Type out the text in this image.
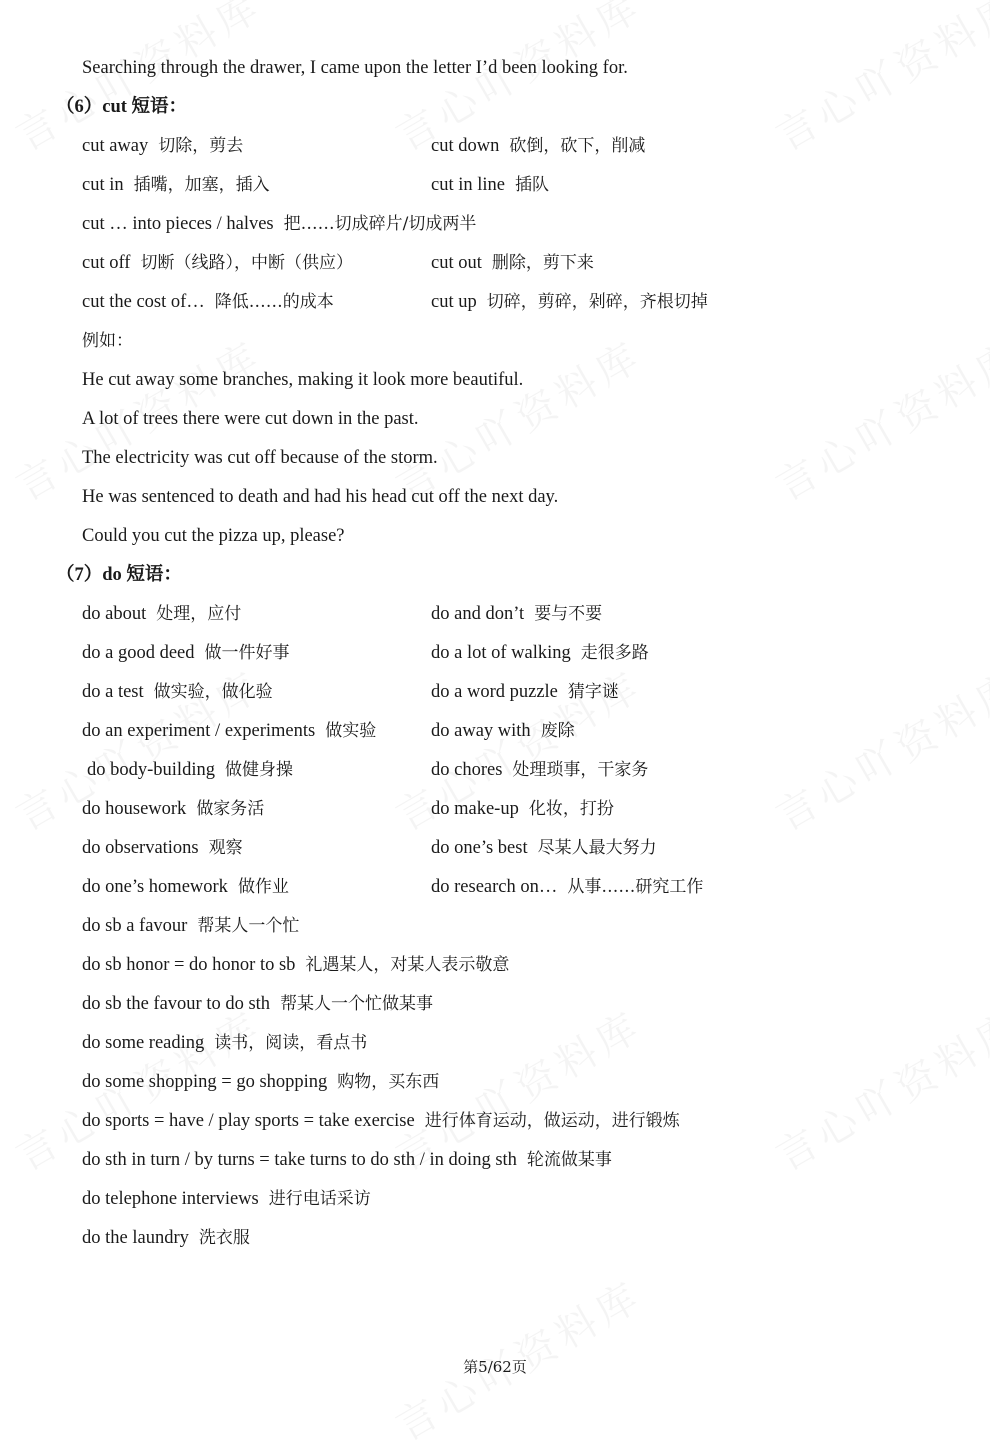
Searching through the drawer, I came upon the letter I’d been looking for.
（6）cut 短语：
cut away 切除，剪去	cut down 砍倒，砍下，削减
cut in 插嘴，加塞，插入	cut in line 插队
cut … into pieces / halves 把……切成碎片/切成两半
cut off 切断（线路），中断（供应）	cut out 删除，剪下来
cut the cost of… 降低……的成本	cut up 切碎，剪碎，剁碎，齐根切掉
例如：
He cut away some branches, making it look more beautiful.
A lot of trees there were cut down in the past.
The electricity was cut off because of the storm.
He was sentenced to death and had his head cut off the next day.
Could you cut the pizza up, please?
（7）do 短语：
do about 处理，应付	do and don’t 要与不要
do a good deed 做一件好事	do a lot of walking 走很多路
do a test 做实验，做化验	do a word puzzle 猜字谜
do an experiment / experiments 做实验	do away with 废除
do body-building 做健身操	do chores 处理琐事，干家务
do housework 做家务活	do make-up 化妆，打扮
do observations 观察	do one’s best 尽某人最大努力
do one’s homework 做作业	do research on… 从事……研究工作
do sb a favour 帮某人一个忙
do sb honor = do honor to sb 礼遇某人，对某人表示敬意
do sb the favour to do sth 帮某人一个忙做某事
do some reading 读书，阅读，看点书
do some shopping = go shopping 购物，买东西
do sports = have / play sports = take exercise 进行体育运动，做运动，进行锻炼
do sth in turn / by turns = take turns to do sth / in doing sth 轮流做某事
do telephone interviews 进行电话采访
do the laundry 洗衣服
第5/62页
